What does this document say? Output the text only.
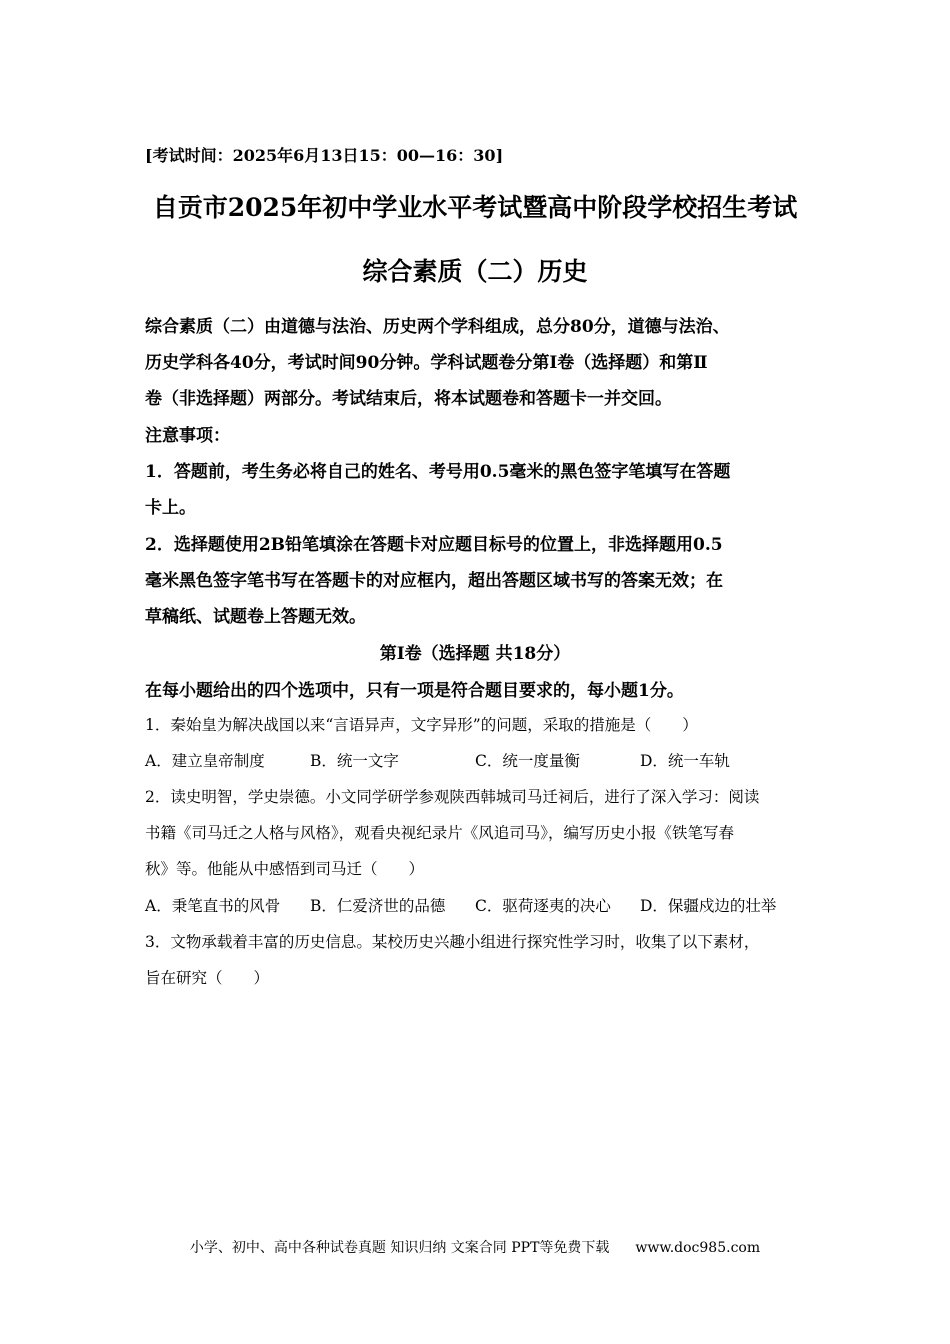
[考试时间：2025年6月13日15：00—16：30]
自贡市2025年初中学业水平考试暨高中阶段学校招生考试
综合素质（二）历史
综合素质（二）由道德与法治、历史两个学科组成，总分80分，道德与法治、
历史学科各40分，考试时间90分钟。学科试题卷分第Ⅰ卷（选择题）和第Ⅱ
卷（非选择题）两部分。考试结束后，将本试题卷和答题卡一并交回。
注意事项：
1．答题前，考生务必将自己的姓名、考号用0.5毫米的黑色签字笔填写在答题
卡上。
2．选择题使用2B铅笔填涂在答题卡对应题目标号的位置上，非选择题用0.5
毫米黑色签字笔书写在答题卡的对应框内，超出答题区域书写的答案无效；在
草稿纸、试题卷上答题无效。
第Ⅰ卷（选择题 共18分）
在每小题给出的四个选项中，只有一项是符合题目要求的，每小题1分。
1．秦始皇为解决战国以来“言语异声，文字异形”的问题，采取的措施是（　　）
A．建立皇帝制度	B．统一文字	C．统一度量衡	D．统一车轨
2．读史明智，学史崇德。小文同学研学参观陕西韩城司马迁祠后，进行了深入学习：阅读
书籍《司马迁之人格与风格》，观看央视纪录片《风追司马》，编写历史小报《铁笔写春
秋》等。他能从中感悟到司马迁（　　）
A．秉笔直书的风骨 B．仁爱济世的品德 C．驱荷逐夷的决心 D．保疆戍边的壮举
3．文物承载着丰富的历史信息。某校历史兴趣小组进行探究性学习时，收集了以下素材，
旨在研究（　　）
小学、初中、高中各种试卷真题 知识归纳 文案合同 PPT等免费下载 www.doc985.com
